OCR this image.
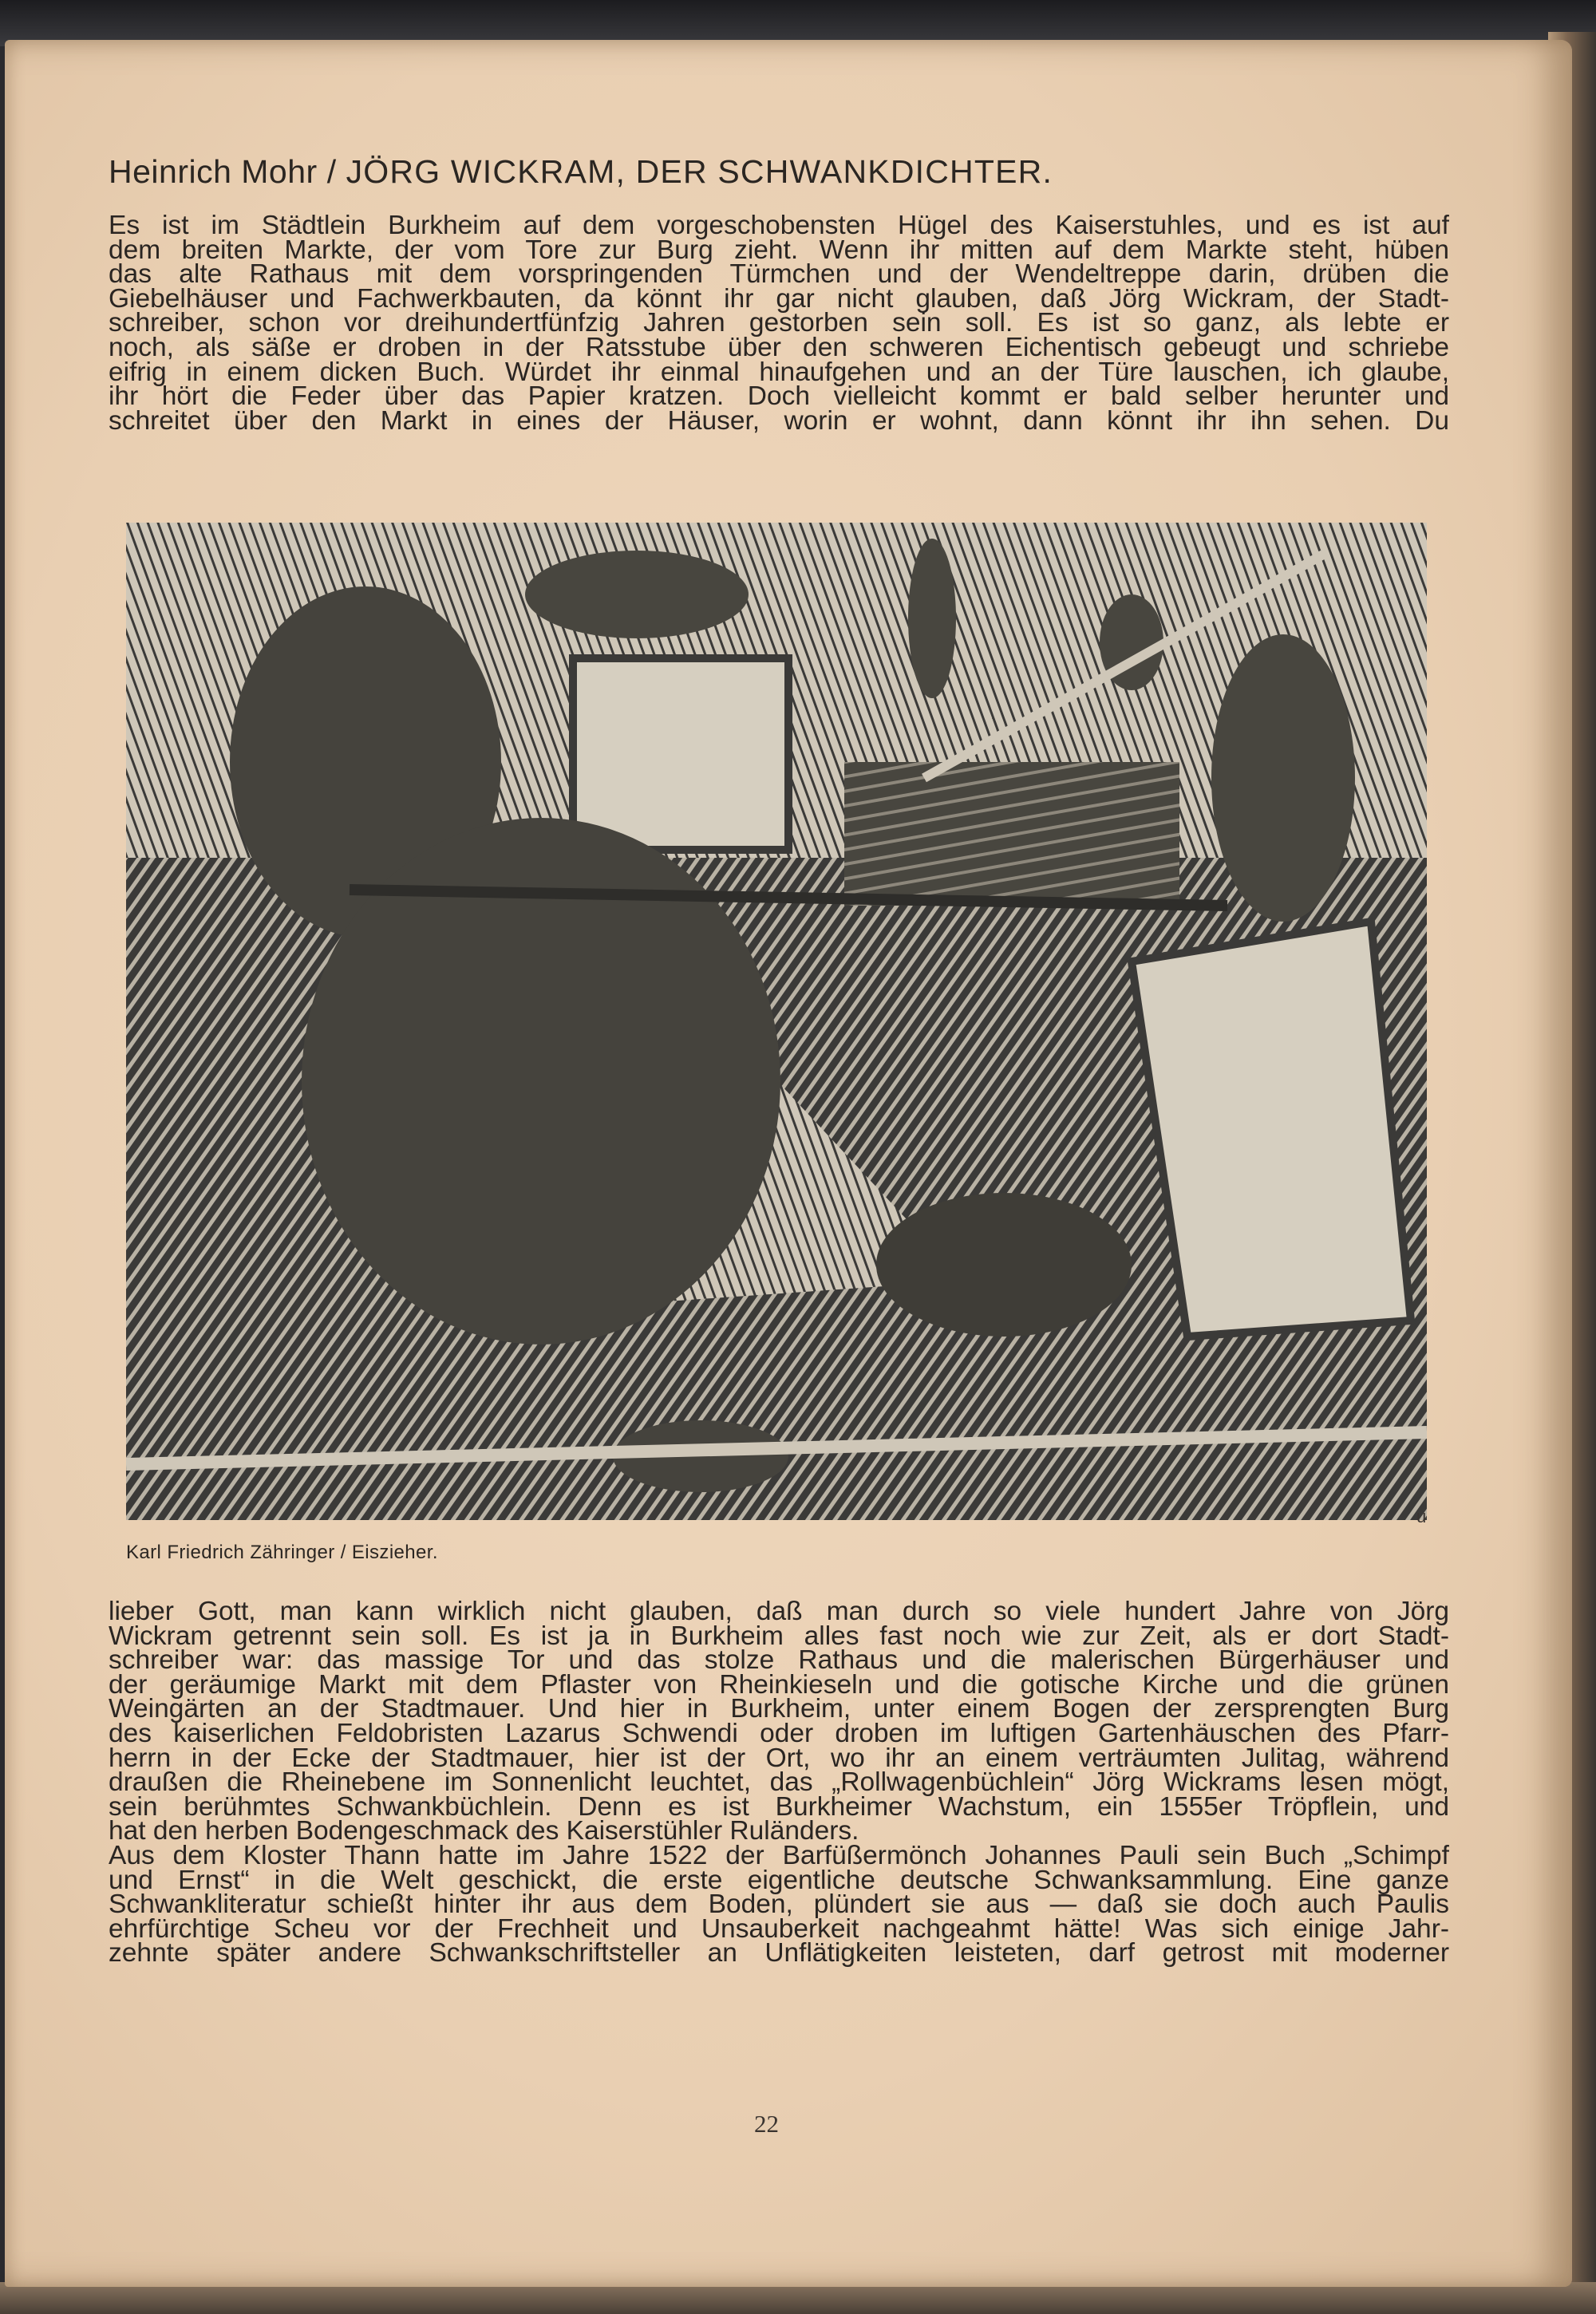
Heinrich Mohr / JÖRG WICKRAM, DER SCHWANKDICHTER.
Es ist im Städtlein Burkheim auf dem vorgeschobensten Hügel des Kaiserstuhles, und es ist auf
dem breiten Markte, der vom Tore zur Burg zieht. Wenn ihr mitten auf dem Markte steht, hüben
das alte Rathaus mit dem vorspringenden Türmchen und der Wendeltreppe darin, drüben die
Giebelhäuser und Fachwerkbauten, da könnt ihr gar nicht glauben, daß Jörg Wickram, der Stadt-
schreiber, schon vor dreihundertfünfzig Jahren gestorben sein soll. Es ist so ganz, als lebte er
noch, als säße er droben in der Ratsstube über den schweren Eichentisch gebeugt und schriebe
eifrig in einem dicken Buch. Würdet ihr einmal hinaufgehen und an der Türe lauschen, ich glaube,
ihr hört die Feder über das Papier kratzen. Doch vielleicht kommt er bald selber herunter und
schreitet über den Markt in eines der Häuser, worin er wohnt, dann könnt ihr ihn sehen. Du
Karl Friedrich Zähringer / Eiszieher.
u
lieber Gott, man kann wirklich nicht glauben, daß man durch so viele hundert Jahre von Jörg
Wickram getrennt sein soll. Es ist ja in Burkheim alles fast noch wie zur Zeit, als er dort Stadt-
schreiber war: das massige Tor und das stolze Rathaus und die malerischen Bürgerhäuser und
der geräumige Markt mit dem Pflaster von Rheinkieseln und die gotische Kirche und die grünen
Weingärten an der Stadtmauer. Und hier in Burkheim, unter einem Bogen der zersprengten Burg
des kaiserlichen Feldobristen Lazarus Schwendi oder droben im luftigen Gartenhäuschen des Pfarr-
herrn in der Ecke der Stadtmauer, hier ist der Ort, wo ihr an einem verträumten Julitag, während
draußen die Rheinebene im Sonnenlicht leuchtet, das „Rollwagenbüchlein“ Jörg Wickrams lesen mögt,
sein berühmtes Schwankbüchlein. Denn es ist Burkheimer Wachstum, ein 1555er Tröpflein, und
hat den herben Bodengeschmack des Kaiserstühler Ruländers.
Aus dem Kloster Thann hatte im Jahre 1522 der Barfüßermönch Johannes Pauli sein Buch „Schimpf
und Ernst“ in die Welt geschickt, die erste eigentliche deutsche Schwanksammlung. Eine ganze
Schwankliteratur schießt hinter ihr aus dem Boden, plündert sie aus — daß sie doch auch Paulis
ehrfürchtige Scheu vor der Frechheit und Unsauberkeit nachgeahmt hätte! Was sich einige Jahr-
zehnte später andere Schwankschriftsteller an Unflätigkeiten leisteten, darf getrost mit moderner
22
